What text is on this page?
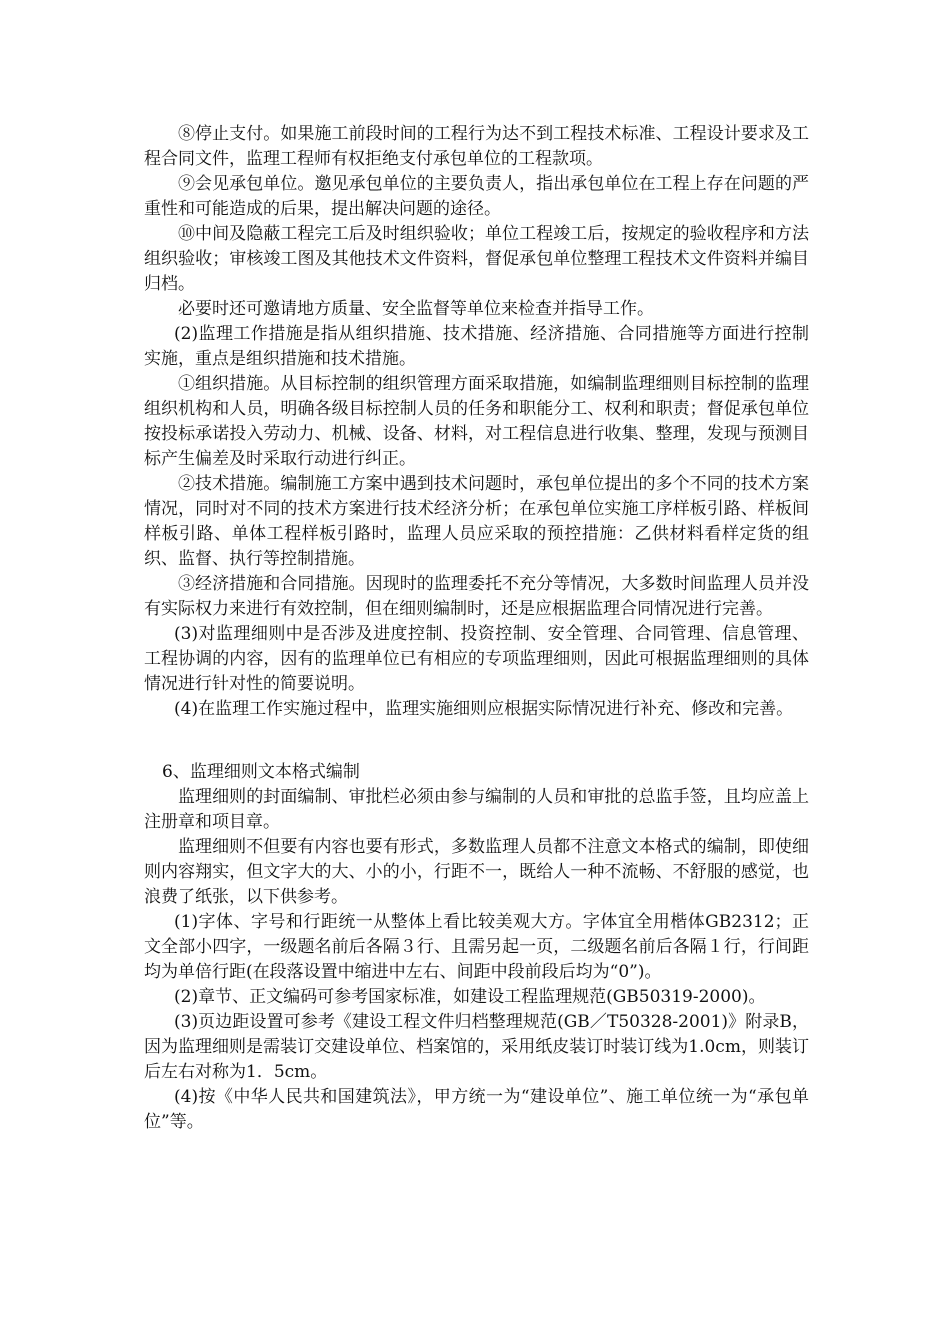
⑧停止支付。如果施工前段时间的工程行为达不到工程技术标准、工程设计要求及工程合同文件，监理工程师有权拒绝支付承包单位的工程款项。

⑨会见承包单位。邀见承包单位的主要负责人，指出承包单位在工程上存在问题的严重性和可能造成的后果，提出解决问题的途径。

⑩中间及隐蔽工程完工后及时组织验收；单位工程竣工后，按规定的验收程序和方法组织验收；审核竣工图及其他技术文件资料，督促承包单位整理工程技术文件资料并编目归档。

必要时还可邀请地方质量、安全监督等单位来检查并指导工作。

(2)监理工作措施是指从组织措施、技术措施、经济措施、合同措施等方面进行控制实施，重点是组织措施和技术措施。

①组织措施。从目标控制的组织管理方面采取措施，如编制监理细则目标控制的监理组织机构和人员，明确各级目标控制人员的任务和职能分工、权利和职责；督促承包单位按投标承诺投入劳动力、机械、设备、材料，对工程信息进行收集、整理，发现与预测目标产生偏差及时采取行动进行纠正。

②技术措施。编制施工方案中遇到技术问题时，承包单位提出的多个不同的技术方案情况，同时对不同的技术方案进行技术经济分析；在承包单位实施工序样板引路、样板间样板引路、单体工程样板引路时，监理人员应采取的预控措施：乙供材料看样定货的组织、监督、执行等控制措施。

③经济措施和合同措施。因现时的监理委托不充分等情况，大多数时间监理人员并没有实际权力来进行有效控制，但在细则编制时，还是应根据监理合同情况进行完善。

(3)对监理细则中是否涉及进度控制、投资控制、安全管理、合同管理、信息管理、工程协调的内容，因有的监理单位已有相应的专项监理细则，因此可根据监理细则的具体情况进行针对性的简要说明。

(4)在监理工作实施过程中，监理实施细则应根据实际情况进行补充、修改和完善。

6、监理细则文本格式编制

监理细则的封面编制、审批栏必须由参与编制的人员和审批的总监手签，且均应盖上注册章和项目章。

监理细则不但要有内容也要有形式，多数监理人员都不注意文本格式的编制，即使细则内容翔实，但文字大的大、小的小，行距不一，既给人一种不流畅、不舒服的感觉，也浪费了纸张，以下供参考。

(1)字体、字号和行距统一从整体上看比较美观大方。字体宜全用楷体GB2312；正文全部小四字，一级题名前后各隔３行、且需另起一页，二级题名前后各隔１行，行间距均为单倍行距(在段落设置中缩进中左右、间距中段前段后均为“0”)。

(2)章节、正文编码可参考国家标准，如建设工程监理规范(GB50319-2000)。

(3)页边距设置可参考《建设工程文件归档整理规范(GB／T50328-2001)》附录B，因为监理细则是需装订交建设单位、档案馆的，采用纸皮装订时装订线为1.0cm，则装订后左右对称为1．5cm。

(4)按《中华人民共和国建筑法》，甲方统一为“建设单位”、施工单位统一为“承包单位”等。
